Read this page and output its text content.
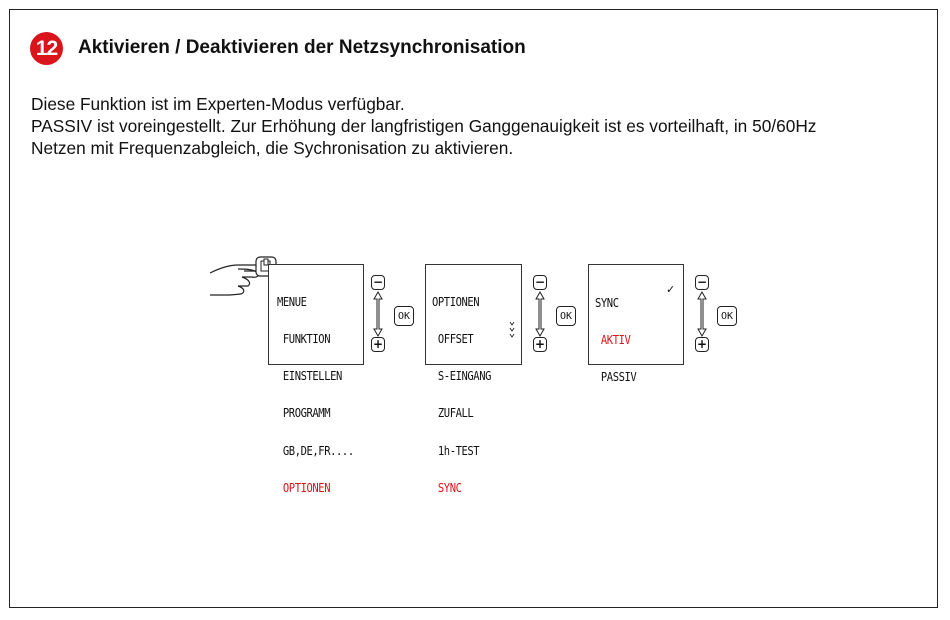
12	Aktivieren / Deaktivieren der Netzsynchronisation
Diese Funktion ist im Experten-Modus verfügbar.
PASSIV ist voreingestellt. Zur Erhöhung der langfristigen Ganggenauigkeit ist es vorteilhaft, in 50/60Hz
Netzen mit Frequenzabgleich, die Sychronisation zu aktivieren.

MENUE

FUNKTION

EINSTELLEN

PROGRAMM

GB,DE,FR....

OPTIONEN

−
+
OK

OPTIONEN

OFFSET

S-EINGANG

ZUFALL

1h-TEST

SYNC

−
+
OK

SYNC

AKTIV

PASSIV

✓
−
+
OK
